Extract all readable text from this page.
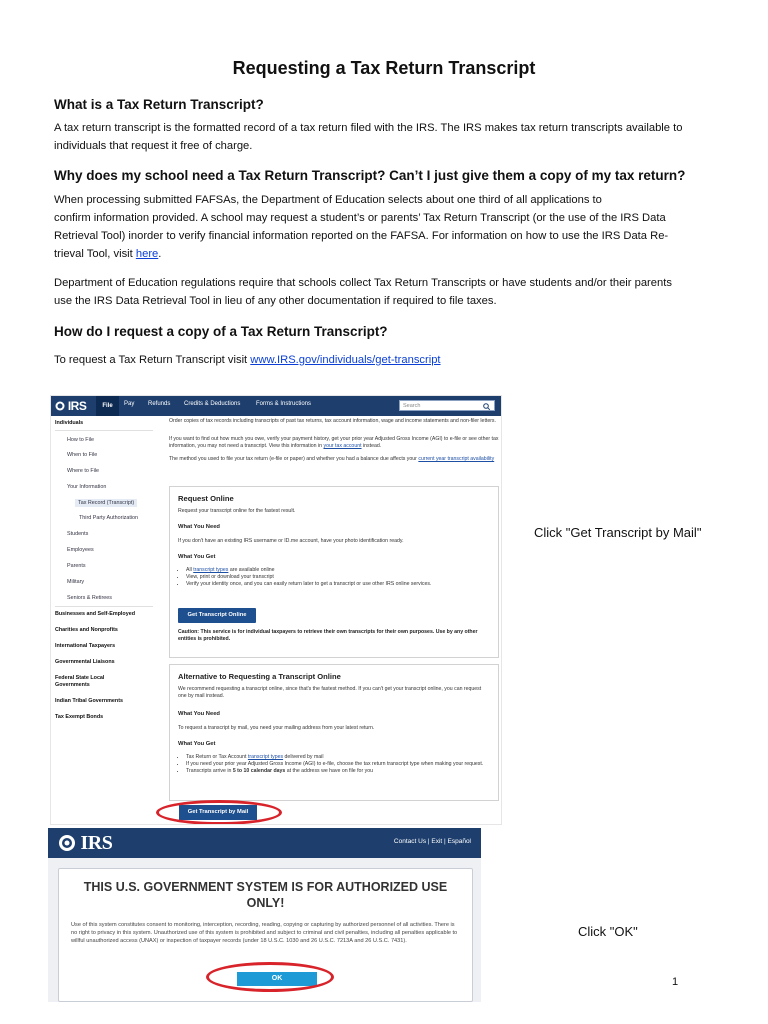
Requesting a Tax Return Transcript
What is a Tax Return Transcript?

A tax return transcript is the formatted record of a tax return filed with the IRS. The IRS makes tax return transcripts available to
individuals that request it free of charge.

Why does my school need a Tax Return Transcript? Can’t I just give them a copy of my tax return?

When processing submitted FAFSAs, the Department of Education selects about one third of all applications to
confirm information provided. A school may request a student’s or parents’ Tax Return Transcript (or the use of the IRS Data
Retrieval Tool) inorder to verify financial information reported on the FAFSA. For information on how to use the IRS Data Re-
trieval Tool, visit here.

Department of Education regulations require that schools collect Tax Return Transcripts or have students and/or their parents
use the IRS Data Retrieval Tool in lieu of any other documentation if required to file taxes.

How do I request a copy of a Tax Return Transcript?

To request a Tax Return Transcript visit www.IRS.gov/individuals/get-transcript

IRS	File	Pay Refunds Credits & Deductions	Forms & Instructions	Search
Individuals
How to File
When to File
Where to File
Your Information
Tax Record (Transcript)
Third Party Authorization
Students
Employees
Parents
Military
Seniors & Retirees
Businesses and Self-Employed
Charities and Nonprofits
International Taxpayers
Governmental Liaisons
Federal State Local Governments
Indian Tribal Governments
Tax Exempt Bonds
Order copies of tax records including transcripts of past tax returns, tax account information, wage and income statements and non-filer letters.
If you want to find out how much you owe, verify your payment history, get your prior year Adjusted Gross Income (AGI) to e-file or see other tax information, you may not need a transcript. View this information in your tax account instead.
The method you used to file your tax return (e-file or paper) and whether you had a balance due affects your current year transcript availability
Request Online
Request your transcript online for the fastest result.
What You Need
If you don't have an existing IRS username or ID.me account, have your photo identification ready.
What You Get
• All transcript types are available online
• View, print or download your transcript
• Verify your identity once, and you can easily return later to get a transcript or use other IRS online services.
Get Transcript Online
Caution: This service is for individual taxpayers to retrieve their own transcripts for their own purposes. Use by any other entities is prohibited.
Alternative to Requesting a Transcript Online
We recommend requesting a transcript online, since that's the fastest method. If you can't get your transcript online, you can request one by mail instead.
What You Need
To request a transcript by mail, you need your mailing address from your latest return.
What You Get
• Tax Return or Tax Account transcript types delivered by mail
• If you need your prior year Adjusted Gross Income (AGI) to e-file, choose the tax return transcript type when making your request.
• Transcripts arrive in 5 to 10 calendar days at the address we have on file for you
Get Transcript by Mail
Click "Get Transcript by Mail"
IRS	Contact Us | Exit | Español
THIS U.S. GOVERNMENT SYSTEM IS FOR AUTHORIZED USE ONLY!
Use of this system constitutes consent to monitoring, interception, recording, reading, copying or capturing by authorized personnel of all activities. There is no right to privacy in this system. Unauthorized use of this system is prohibited and subject to criminal and civil penalties, including all penalties applicable to willful unauthorized access (UNAX) or inspection of taxpayer records (under 18 U.S.C. 1030 and 26 U.S.C. 7213A and 26 U.S.C. 7431).
OK
Click "OK"
1
